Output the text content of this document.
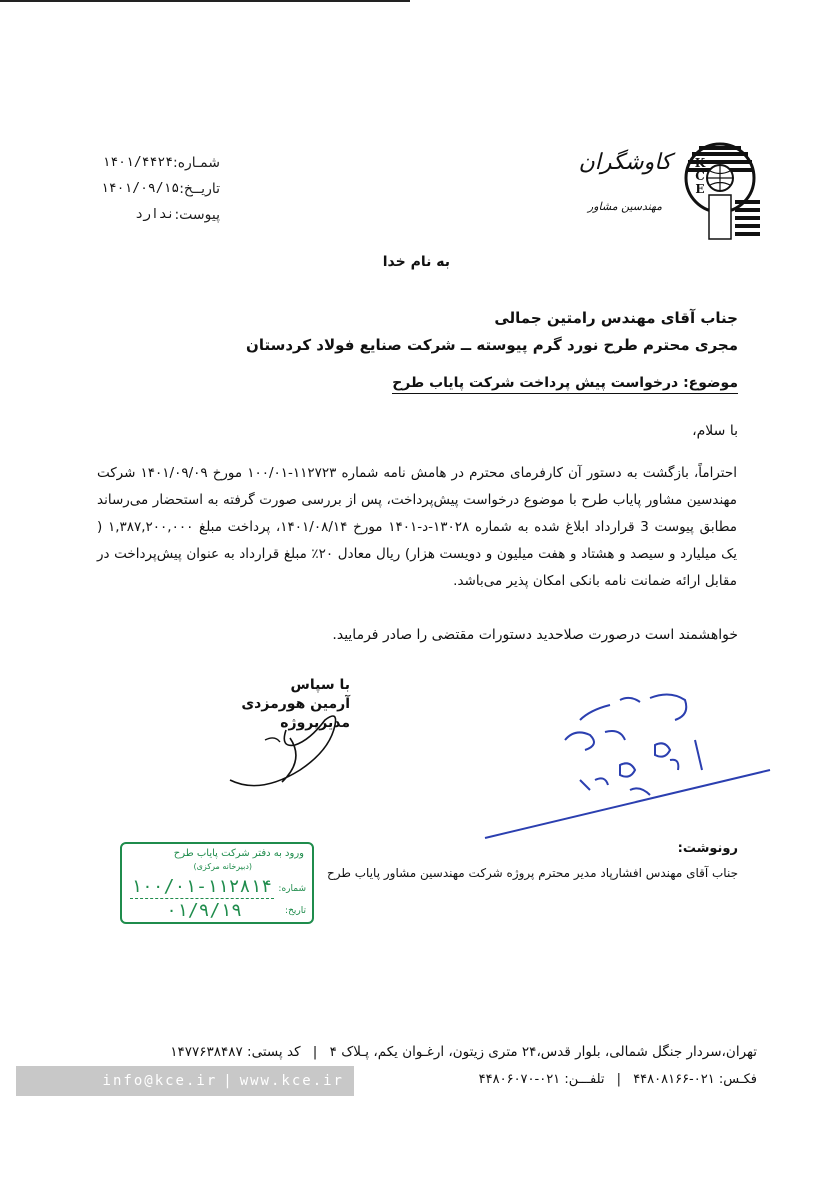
شمـاره:
۱۴۰۱/۴۴۲۴
تاریــخ:
۱۴۰۱/۰۹/۱۵
پیوست:
ندارد
K
C
E
کاوشگران
مهندسین مشاور
به نام خدا
جناب آقای مهندس رامتین جمالی
مجری محترم طرح نورد گرم پیوسته ــ شرکت صنایع فولاد کردستان
موضوع: درخواست پیش پرداخت شرکت پایاب طرح
با سلام،
احتراماً، بازگشت به دستور آن کارفرمای محترم در هامش نامه شماره ۱۱۲۷۲۳-۱۰۰/۰۱ مورخ ۱۴۰۱/۰۹/۰۹ شرکت مهندسین مشاور پایاب طرح با موضوع درخواست پیش‌پرداخت، پس از بررسی صورت گرفته به استحضار می‌رساند مطابق پیوست 3 قرارداد ابلاغ شده به شماره ۱۳۰۲۸-د-۱۴۰۱ مورخ ۱۴۰۱/۰۸/۱۴، پرداخت مبلغ ۱,۳۸۷,۲۰۰,۰۰۰ ( یک میلیارد و سیصد و هشتاد و هفت میلیون و دویست هزار) ریال معادل ۲۰٪ مبلغ قرارداد به عنوان پیش‌پرداخت در مقابل ارائه ضمانت نامه بانکی امکان پذیر می‌باشد.
خواهشمند است درصورت صلاحدید دستورات مقتضی را صادر فرمایید.
با سپاس
آرمین هورمزدی
مدیرپروژه
رونوشت:
جناب آقای مهندس افشارپاد مدیر محترم پروژه شرکت مهندسین مشاور پایاب طرح
ورود به دفتر شرکت پایاب طرح
(دبیرخانه مرکزی)
شماره:
۱۰۰/۰۱-۱۱۲۸۱۴
تاریخ:
۰۱/۹/۱۹
تهران،سردار جنگل شمالی، بلوار قدس،۲۴ متری زیتون، ارغـوان یکم، پـلاک ۴ | کد پستی: ۱۴۷۷۶۳۸۴۸۷
info@kce.ir | www.kce.ir	فکـس: ۰۲۱-۴۴۸۰۸۱۶۶ | تلفـــن: ۰۲۱-۴۴۸۰۶۰۷۰
